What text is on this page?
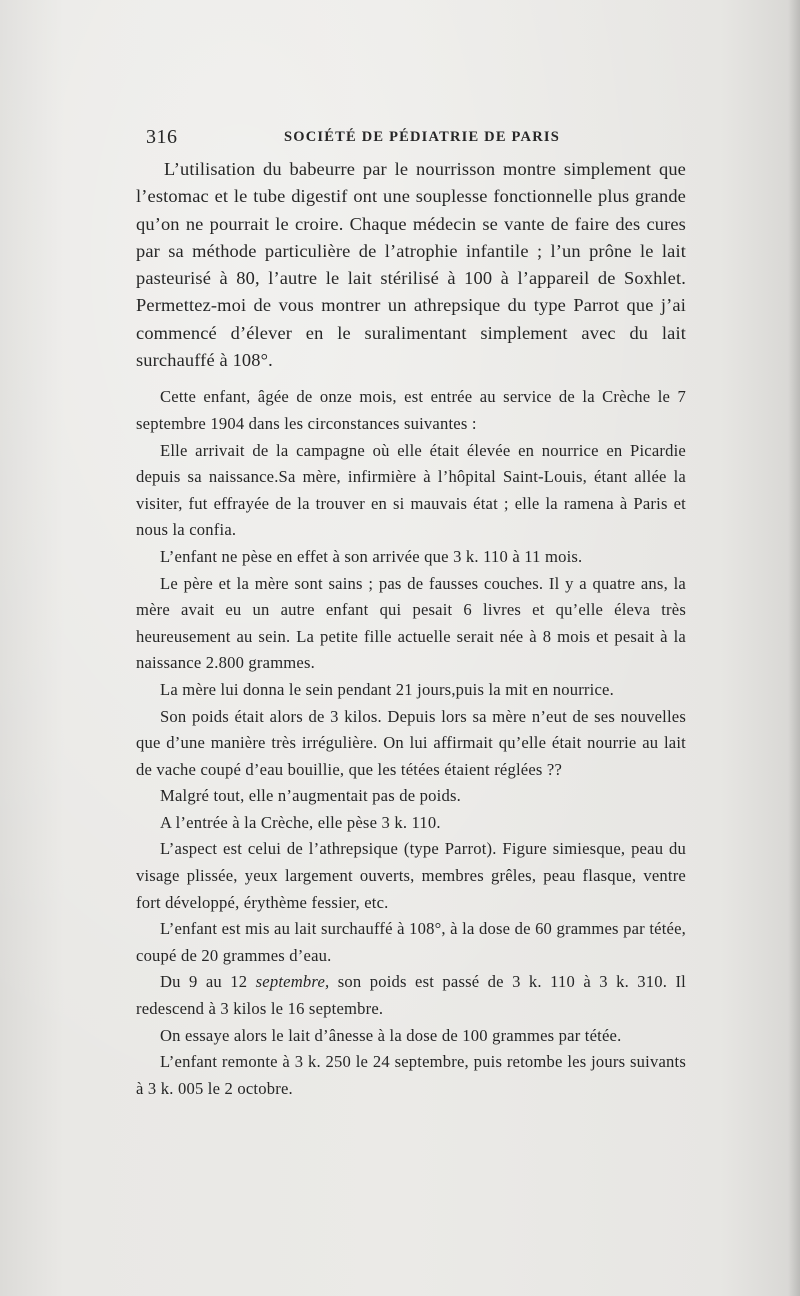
316	SOCIÉTÉ DE PÉDIATRIE DE PARIS

L’utilisation du babeurre par le nourrisson montre simplement que l’estomac et le tube digestif ont une souplesse fonctionnelle plus grande qu’on ne pourrait le croire. Chaque médecin se vante de faire des cures par sa méthode particulière de l’atrophie infantile ; l’un prône le lait pasteurisé à 80, l’autre le lait stérilisé à 100 à l’appareil de Soxhlet. Permettez-moi de vous montrer un athrepsique du type Parrot que j’ai commencé d’élever en le suralimentant simplement avec du lait surchauffé à 108°.

Cette enfant, âgée de onze mois, est entrée au service de la Crèche le 7 septembre 1904 dans les circonstances suivantes :

Elle arrivait de la campagne où elle était élevée en nourrice en Picardie depuis sa naissance.Sa mère, infirmière à l’hôpital Saint-Louis, étant allée la visiter, fut effrayée de la trouver en si mauvais état ; elle la ramena à Paris et nous la confia.

L’enfant ne pèse en effet à son arrivée que 3 k. 110 à 11 mois.

Le père et la mère sont sains ; pas de fausses couches. Il y a quatre ans, la mère avait eu un autre enfant qui pesait 6 livres et qu’elle éleva très heureusement au sein. La petite fille actuelle serait née à 8 mois et pesait à la naissance 2.800 grammes.

La mère lui donna le sein pendant 21 jours,puis la mit en nourrice.

Son poids était alors de 3 kilos. Depuis lors sa mère n’eut de ses nouvelles que d’une manière très irrégulière. On lui affirmait qu’elle était nourrie au lait de vache coupé d’eau bouillie, que les tétées étaient réglées ??

Malgré tout, elle n’augmentait pas de poids.

A l’entrée à la Crèche, elle pèse 3 k. 110.

L’aspect est celui de l’athrepsique (type Parrot). Figure simiesque, peau du visage plissée, yeux largement ouverts, membres grêles, peau flasque, ventre fort développé, érythème fessier, etc.

L’enfant est mis au lait surchauffé à 108°, à la dose de 60 grammes par tétée, coupé de 20 grammes d’eau.

Du 9 au 12 septembre, son poids est passé de 3 k. 110 à 3 k. 310. Il redescend à 3 kilos le 16 septembre.

On essaye alors le lait d’ânesse à la dose de 100 grammes par tétée.

L’enfant remonte à 3 k. 250 le 24 septembre, puis retombe les jours suivants à 3 k. 005 le 2 octobre.
